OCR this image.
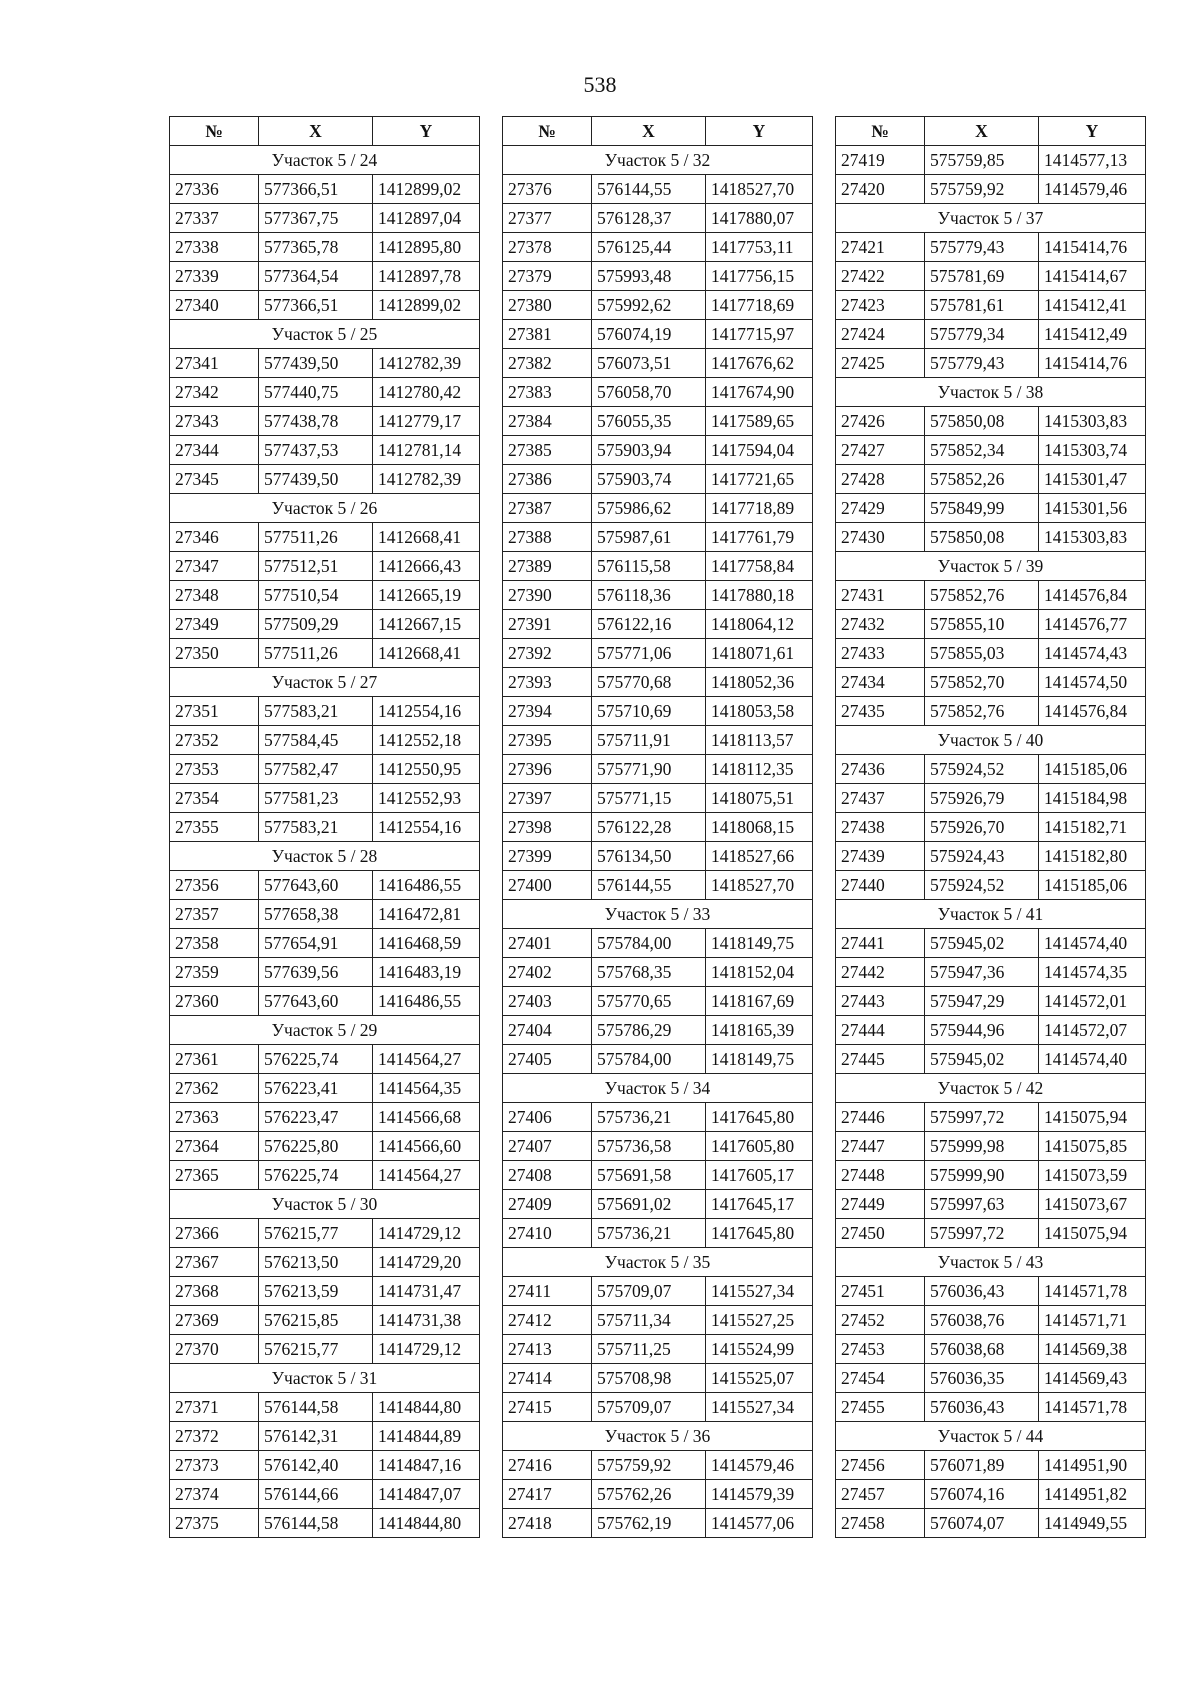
538
№	X	Y
Участок 5 / 24		
27336	577366,51	1412899,02
27337	577367,75	1412897,04
27338	577365,78	1412895,80
27339	577364,54	1412897,78
27340	577366,51	1412899,02
Участок 5 / 25		
27341	577439,50	1412782,39
27342	577440,75	1412780,42
27343	577438,78	1412779,17
27344	577437,53	1412781,14
27345	577439,50	1412782,39
Участок 5 / 26		
27346	577511,26	1412668,41
27347	577512,51	1412666,43
27348	577510,54	1412665,19
27349	577509,29	1412667,15
27350	577511,26	1412668,41
Участок 5 / 27		
27351	577583,21	1412554,16
27352	577584,45	1412552,18
27353	577582,47	1412550,95
27354	577581,23	1412552,93
27355	577583,21	1412554,16
Участок 5 / 28		
27356	577643,60	1416486,55
27357	577658,38	1416472,81
27358	577654,91	1416468,59
27359	577639,56	1416483,19
27360	577643,60	1416486,55
Участок 5 / 29		
27361	576225,74	1414564,27
27362	576223,41	1414564,35
27363	576223,47	1414566,68
27364	576225,80	1414566,60
27365	576225,74	1414564,27
Участок 5 / 30		
27366	576215,77	1414729,12
27367	576213,50	1414729,20
27368	576213,59	1414731,47
27369	576215,85	1414731,38
27370	576215,77	1414729,12
Участок 5 / 31		
27371	576144,58	1414844,80
27372	576142,31	1414844,89
27373	576142,40	1414847,16
27374	576144,66	1414847,07
27375	576144,58	1414844,80
№	X	Y
Участок 5 / 32		
27376	576144,55	1418527,70
27377	576128,37	1417880,07
27378	576125,44	1417753,11
27379	575993,48	1417756,15
27380	575992,62	1417718,69
27381	576074,19	1417715,97
27382	576073,51	1417676,62
27383	576058,70	1417674,90
27384	576055,35	1417589,65
27385	575903,94	1417594,04
27386	575903,74	1417721,65
27387	575986,62	1417718,89
27388	575987,61	1417761,79
27389	576115,58	1417758,84
27390	576118,36	1417880,18
27391	576122,16	1418064,12
27392	575771,06	1418071,61
27393	575770,68	1418052,36
27394	575710,69	1418053,58
27395	575711,91	1418113,57
27396	575771,90	1418112,35
27397	575771,15	1418075,51
27398	576122,28	1418068,15
27399	576134,50	1418527,66
27400	576144,55	1418527,70
Участок 5 / 33		
27401	575784,00	1418149,75
27402	575768,35	1418152,04
27403	575770,65	1418167,69
27404	575786,29	1418165,39
27405	575784,00	1418149,75
Участок 5 / 34		
27406	575736,21	1417645,80
27407	575736,58	1417605,80
27408	575691,58	1417605,17
27409	575691,02	1417645,17
27410	575736,21	1417645,80
Участок 5 / 35		
27411	575709,07	1415527,34
27412	575711,34	1415527,25
27413	575711,25	1415524,99
27414	575708,98	1415525,07
27415	575709,07	1415527,34
Участок 5 / 36		
27416	575759,92	1414579,46
27417	575762,26	1414579,39
27418	575762,19	1414577,06
№	X	Y
27419	575759,85	1414577,13
27420	575759,92	1414579,46
Участок 5 / 37		
27421	575779,43	1415414,76
27422	575781,69	1415414,67
27423	575781,61	1415412,41
27424	575779,34	1415412,49
27425	575779,43	1415414,76
Участок 5 / 38		
27426	575850,08	1415303,83
27427	575852,34	1415303,74
27428	575852,26	1415301,47
27429	575849,99	1415301,56
27430	575850,08	1415303,83
Участок 5 / 39		
27431	575852,76	1414576,84
27432	575855,10	1414576,77
27433	575855,03	1414574,43
27434	575852,70	1414574,50
27435	575852,76	1414576,84
Участок 5 / 40		
27436	575924,52	1415185,06
27437	575926,79	1415184,98
27438	575926,70	1415182,71
27439	575924,43	1415182,80
27440	575924,52	1415185,06
Участок 5 / 41		
27441	575945,02	1414574,40
27442	575947,36	1414574,35
27443	575947,29	1414572,01
27444	575944,96	1414572,07
27445	575945,02	1414574,40
Участок 5 / 42		
27446	575997,72	1415075,94
27447	575999,98	1415075,85
27448	575999,90	1415073,59
27449	575997,63	1415073,67
27450	575997,72	1415075,94
Участок 5 / 43		
27451	576036,43	1414571,78
27452	576038,76	1414571,71
27453	576038,68	1414569,38
27454	576036,35	1414569,43
27455	576036,43	1414571,78
Участок 5 / 44		
27456	576071,89	1414951,90
27457	576074,16	1414951,82
27458	576074,07	1414949,55
